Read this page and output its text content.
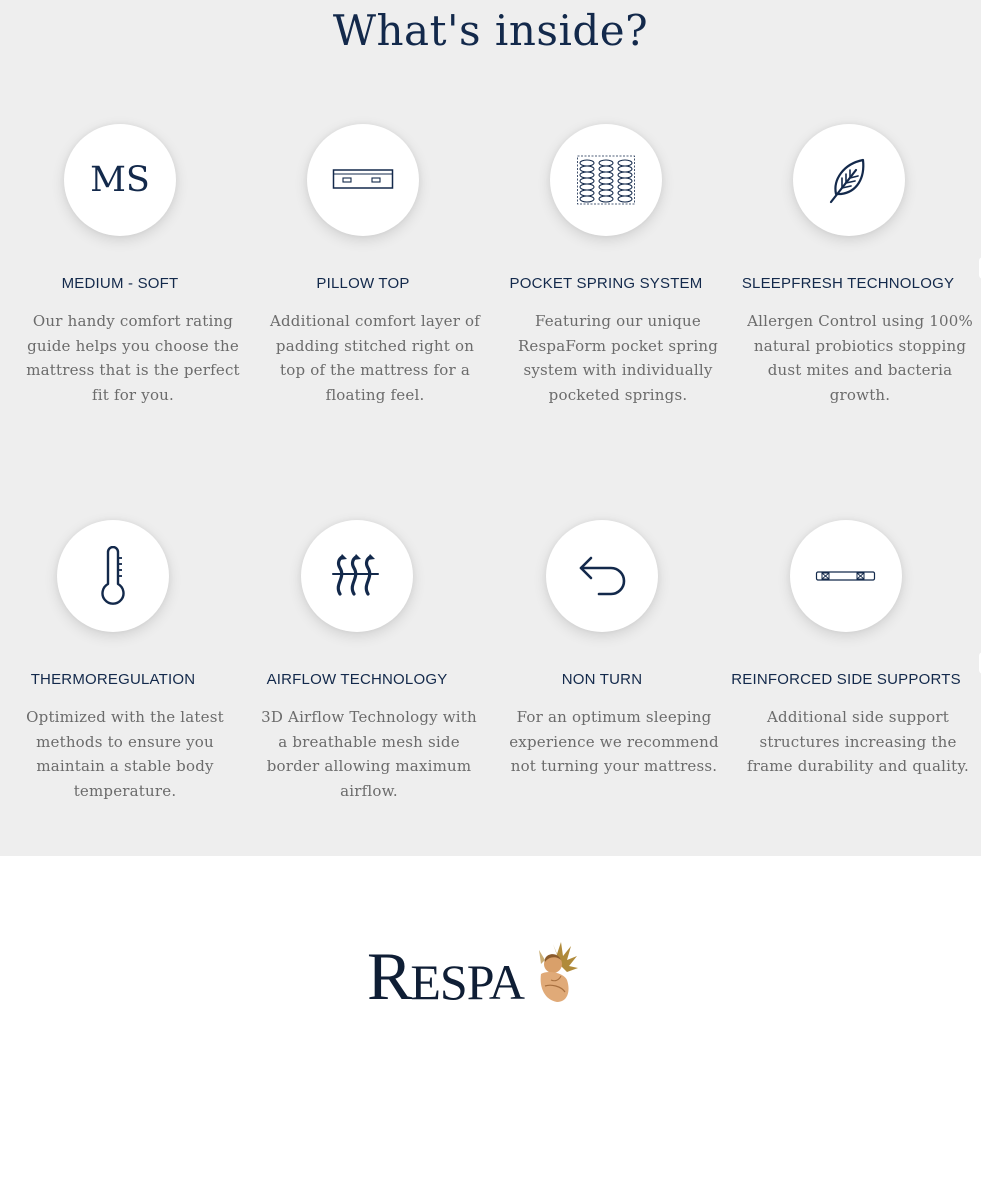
What's inside?
MS
MEDIUM - SOFT
Our handy comfort rating guide helps you choose the mattress that is the perfect fit for you.
PILLOW TOP
Additional comfort layer of padding stitched right on top of the mattress for a floating feel.
POCKET SPRING SYSTEM
Featuring our unique RespaForm pocket spring system with individually pocketed springs.
SLEEPFRESH TECHNOLOGY
Allergen Control using 100% natural probiotics stopping dust mites and bacteria growth.
THERMOREGULATION
Optimized with the latest methods to ensure you maintain a stable body temperature.
AIRFLOW TECHNOLOGY
3D Airflow Technology with a breathable mesh side border allowing maximum airflow.
NON TURN
For an optimum sleeping experience we recommend not turning your mattress.
REINFORCED SIDE SUPPORTS
Additional side support structures increasing the frame durability and quality.
RESPA
